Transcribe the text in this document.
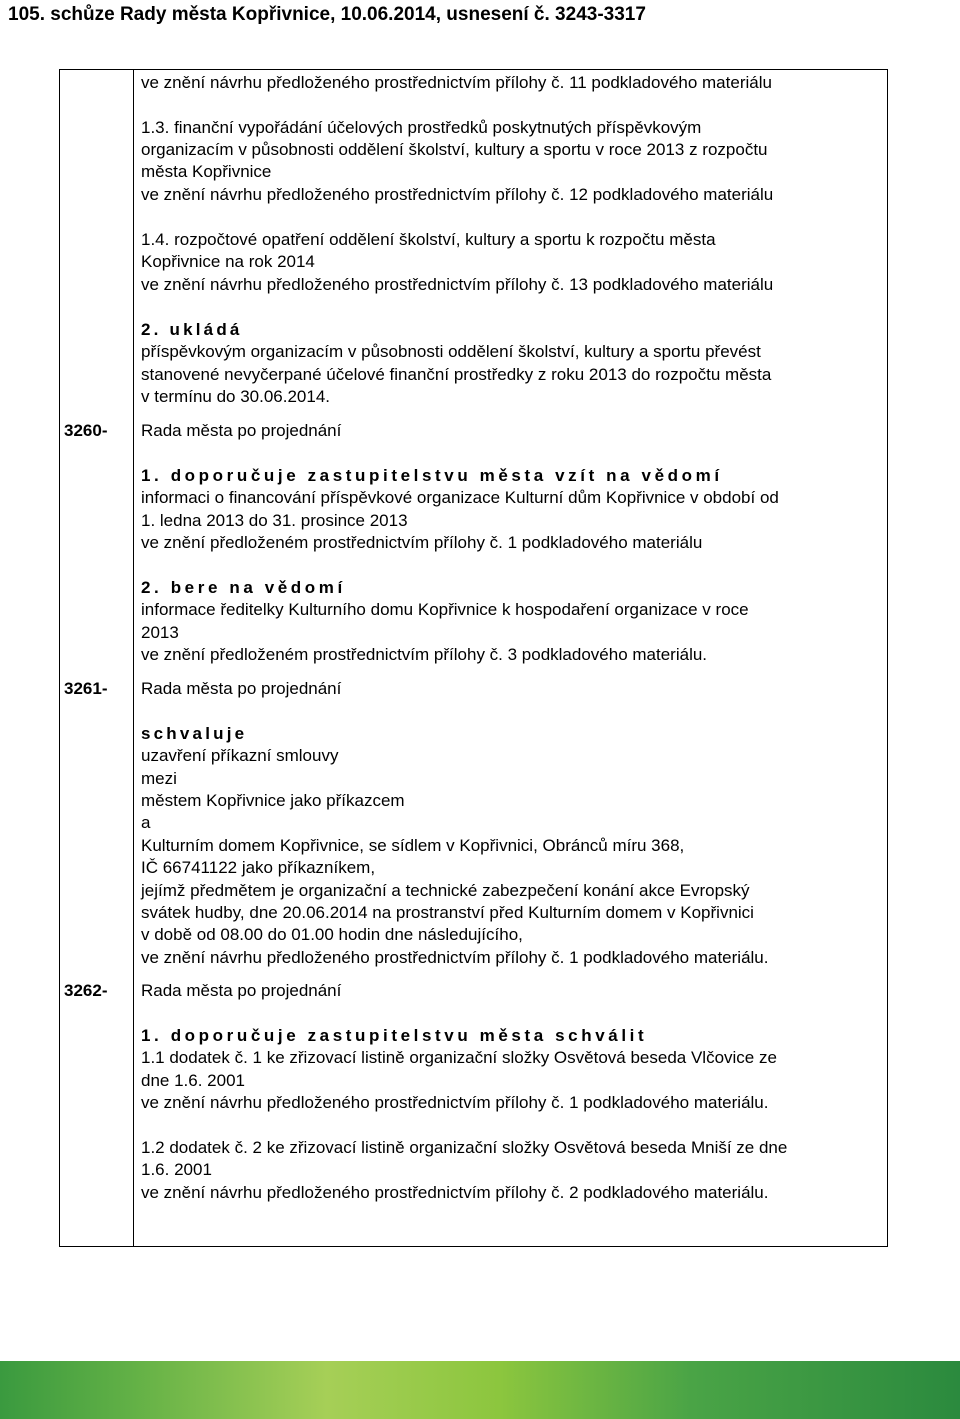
105. schůze Rady města Kopřivnice, 10.06.2014, usnesení č. 3243-3317
ve znění návrhu předloženého prostřednictvím přílohy č. 11 podkladového materiálu
1.3. finanční vypořádání účelových prostředků poskytnutých příspěvkovým
organizacím v působnosti oddělení školství, kultury a sportu v roce 2013 z rozpočtu
města Kopřivnice
ve znění návrhu předloženého prostřednictvím přílohy č. 12 podkladového materiálu
1.4. rozpočtové opatření oddělení školství, kultury a sportu k rozpočtu města
Kopřivnice na rok 2014
ve znění návrhu předloženého prostřednictvím přílohy č. 13 podkladového materiálu
2. ukládá
příspěvkovým organizacím v působnosti oddělení školství, kultury a sportu převést
stanovené nevyčerpané účelové finanční prostředky z roku 2013 do rozpočtu města
v termínu do 30.06.2014.
3260- Rada města po projednání
1. doporučuje zastupitelstvu města vzít na vědomí
informaci o financování příspěvkové organizace Kulturní dům Kopřivnice v období od
1. ledna 2013 do 31. prosince 2013
ve znění předloženém prostřednictvím přílohy č. 1 podkladového materiálu
2. bere na vědomí
informace ředitelky Kulturního domu Kopřivnice k hospodaření organizace v roce
2013
ve znění předloženém prostřednictvím přílohy č. 3 podkladového materiálu.
3261- Rada města po projednání
schvaluje
uzavření příkazní smlouvy
mezi
městem Kopřivnice jako příkazcem
a
Kulturním domem Kopřivnice, se sídlem v Kopřivnici, Obránců míru 368,
IČ 66741122 jako příkazníkem,
jejímž předmětem je organizační a technické zabezpečení konání akce Evropský
svátek hudby, dne 20.06.2014 na prostranství před Kulturním domem v Kopřivnici
v době od 08.00 do 01.00 hodin dne následujícího,
ve znění návrhu předloženého prostřednictvím přílohy č. 1 podkladového materiálu.
3262- Rada města po projednání
1. doporučuje zastupitelstvu města schválit
1.1 dodatek č. 1 ke zřizovací listině organizační složky Osvětová beseda Vlčovice ze
dne 1.6. 2001
ve znění návrhu předloženého prostřednictvím přílohy č. 1 podkladového materiálu.
1.2 dodatek č. 2 ke zřizovací listině organizační složky Osvětová beseda Mniší ze dne
1.6. 2001
ve znění návrhu předloženého prostřednictvím přílohy č. 2 podkladového materiálu.
